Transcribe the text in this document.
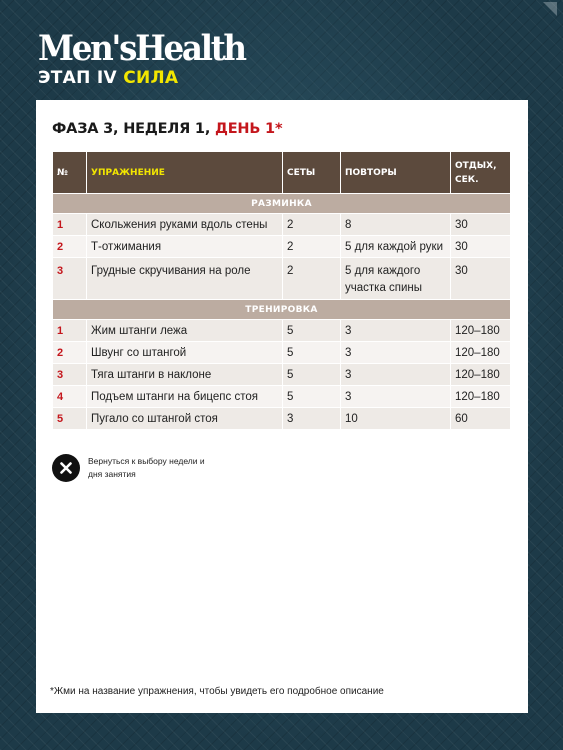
Men'sHealth
ЭТАП IV СИЛА
ФАЗА 3, НЕДЕЛЯ 1, ДЕНЬ 1*
№	УПРАЖНЕНИЕ	СЕТЫ	ПОВТОРЫ	ОТДЫХ, СЕК.
РАЗМИНКА				
1	Скольжения руками вдоль стены	2	8	30
2	Т-отжимания	2	5 для каждой руки	30
3	Грудные скручивания на роле	2	5 для каждого участка спины	30
ТРЕНИРОВКА				
1	Жим штанги лежа	5	3	120–180
2	Швунг со штангой	5	3	120–180
3	Тяга штанги в наклоне	5	3	120–180
4	Подъем штанги на бицепс стоя	5	3	120–180
5	Пугало со штангой стоя	3	10	60
Вернуться к выбору недели и дня занятия
*Жми на название упражнения, чтобы увидеть его подробное описание
